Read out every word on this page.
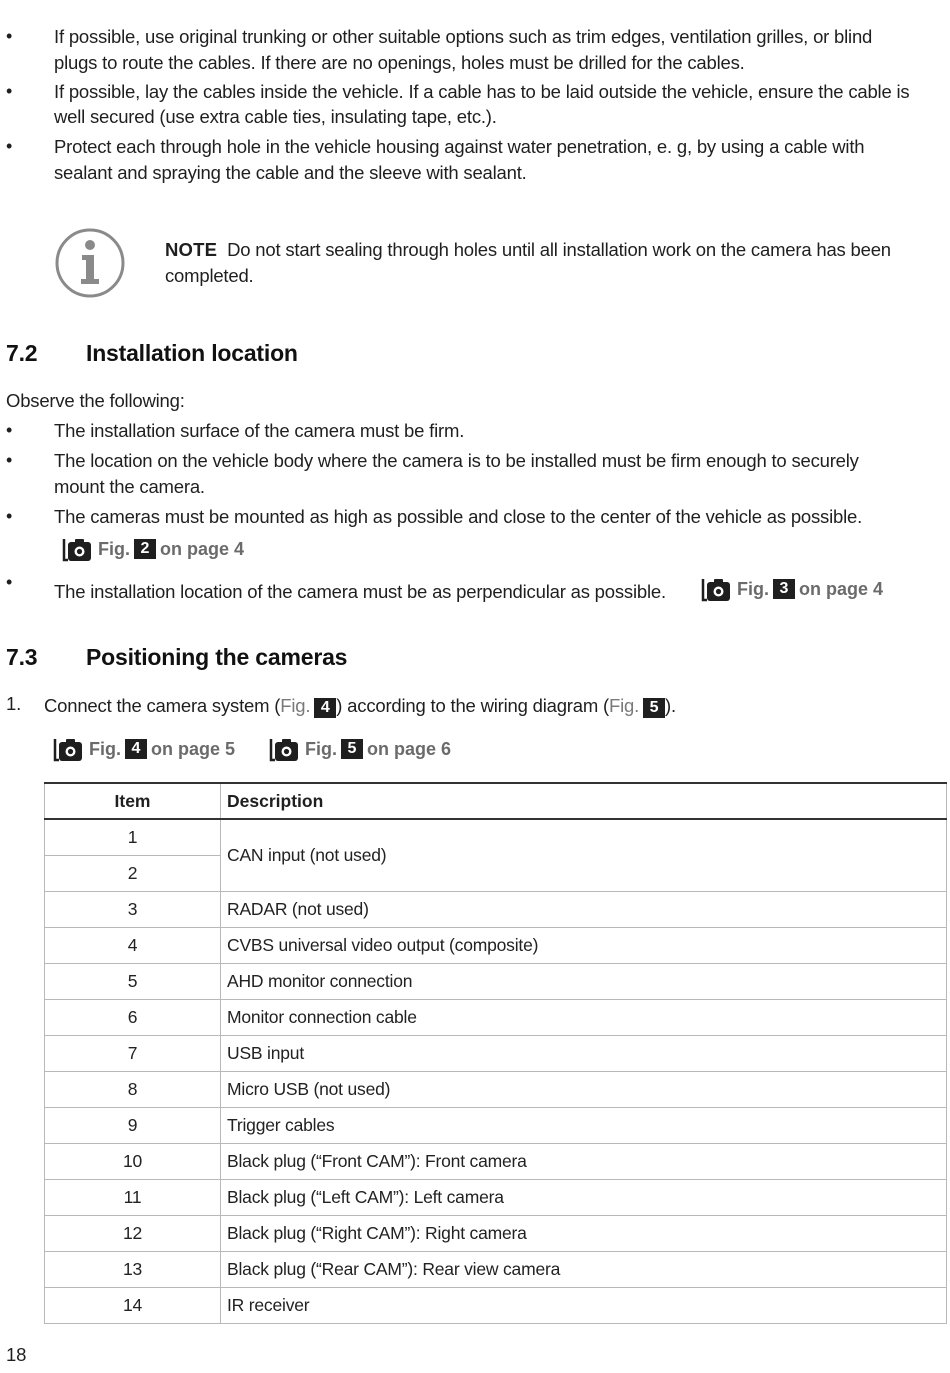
• If possible, use original trunking or other suitable options such as trim edges, ventilation grilles, or blind
plugs to route the cables. If there are no openings, holes must be drilled for the cables.
• If possible, lay the cables inside the vehicle. If a cable has to be laid outside the vehicle, ensure the cable is
well secured (use extra cable ties, insulating tape, etc.).
• Protect each through hole in the vehicle housing against water penetration, e. g, by using a cable with
sealant and spraying the cable and the sleeve with sealant.
NOTE Do not start sealing through holes until all installation work on the camera has been
completed.
7.2 Installation location
Observe the following:
• The installation surface of the camera must be firm.
• The location on the vehicle body where the camera is to be installed must be firm enough to securely
mount the camera.
• The cameras must be mounted as high as possible and close to the center of the vehicle as possible.
Fig. 2 on page 4
• The installation location of the camera must be as perpendicular as possible.	Fig. 3 on page 4
7.3 Positioning the cameras
1. Connect the camera system (Fig. 4 ) according to the wiring diagram (Fig. 5 ).
Fig. 4 on page 5	Fig. 5 on page 6
Item	Description
1	CAN input (not used)
2	
3	RADAR (not used)
4	CVBS universal video output (composite)
5	AHD monitor connection
6	Monitor connection cable
7	USB input
8	Micro USB (not used)
9	Trigger cables
10	Black plug (“Front CAM”): Front camera
11	Black plug (“Left CAM”): Left camera
12	Black plug (“Right CAM”): Right camera
13	Black plug (“Rear CAM”): Rear view camera
14	IR receiver
18
